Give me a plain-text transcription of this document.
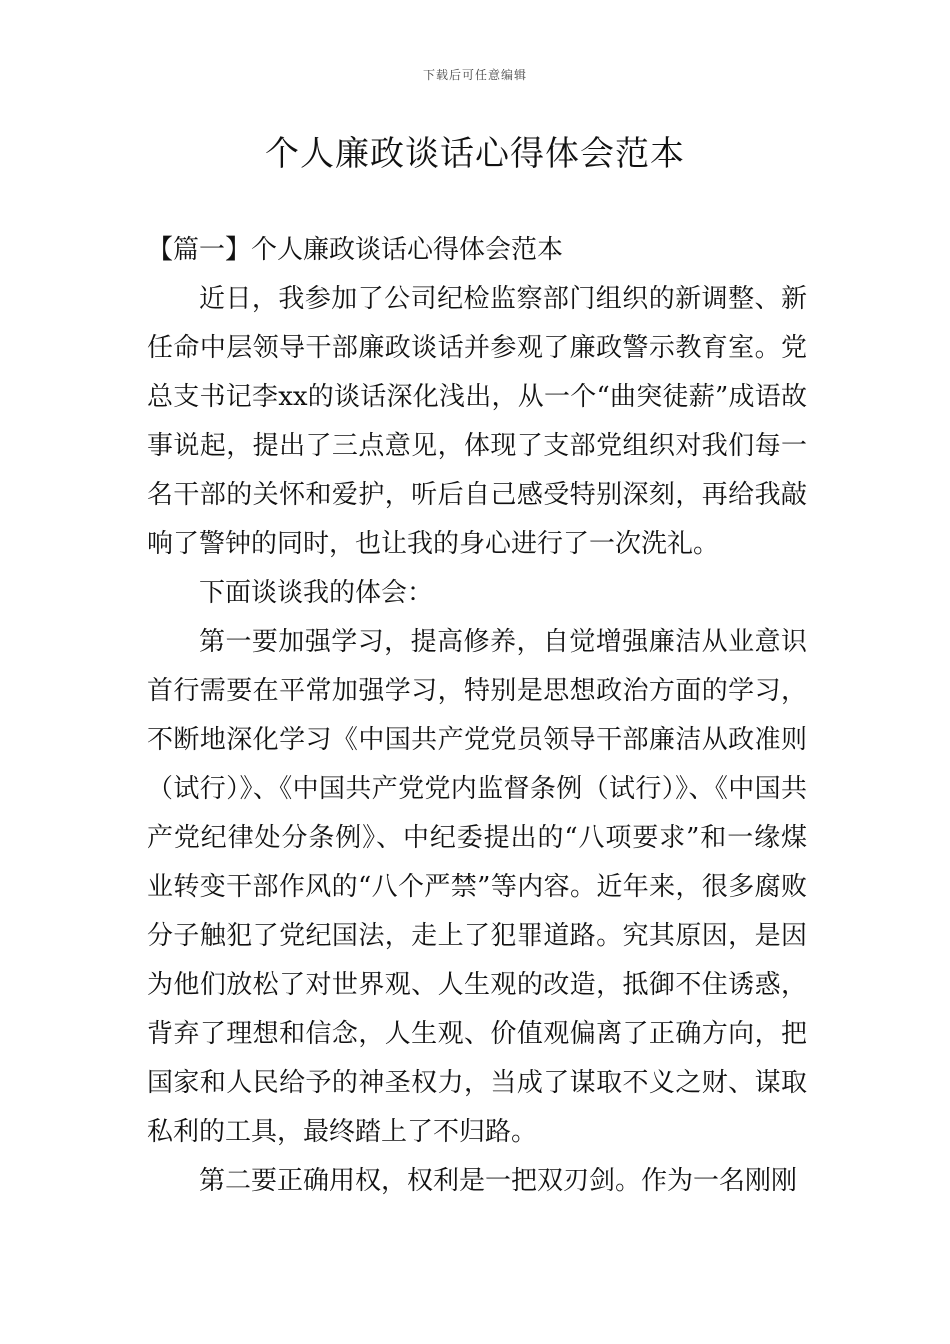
下载后可任意编辑
个人廉政谈话心得体会范本

【篇一】个人廉政谈话心得体会范本

近日，我参加了公司纪检监察部门组织的新调整、新任命中层领导干部廉政谈话并参观了廉政警示教育室。党总支书记李xx的谈话深化浅出，从一个“曲突徒薪”成语故事说起，提出了三点意见，体现了支部党组织对我们每一名干部的关怀和爱护，听后自己感受特别深刻，再给我敲响了警钟的同时，也让我的身心进行了一次洗礼。

下面谈谈我的体会：

第一要加强学习，提高修养，自觉增强廉洁从业意识首行需要在平常加强学习，特别是思想政治方面的学习，不断地深化学习《中国共产党党员领导干部廉洁从政准则（试行）》、《中国共产党党内监督条例（试行）》、《中国共产党纪律处分条例》、中纪委提出的“八项要求”和一缘煤业转变干部作风的“八个严禁”等内容。近年来，很多腐败分子触犯了党纪国法，走上了犯罪道路。究其原因，是因为他们放松了对世界观、人生观的改造，抵御不住诱惑，背弃了理想和信念，人生观、价值观偏离了正确方向，把国家和人民给予的神圣权力，当成了谋取不义之财、谋取私利的工具，最终踏上了不归路。

第二要正确用权，权利是一把双刃剑。作为一名刚刚
